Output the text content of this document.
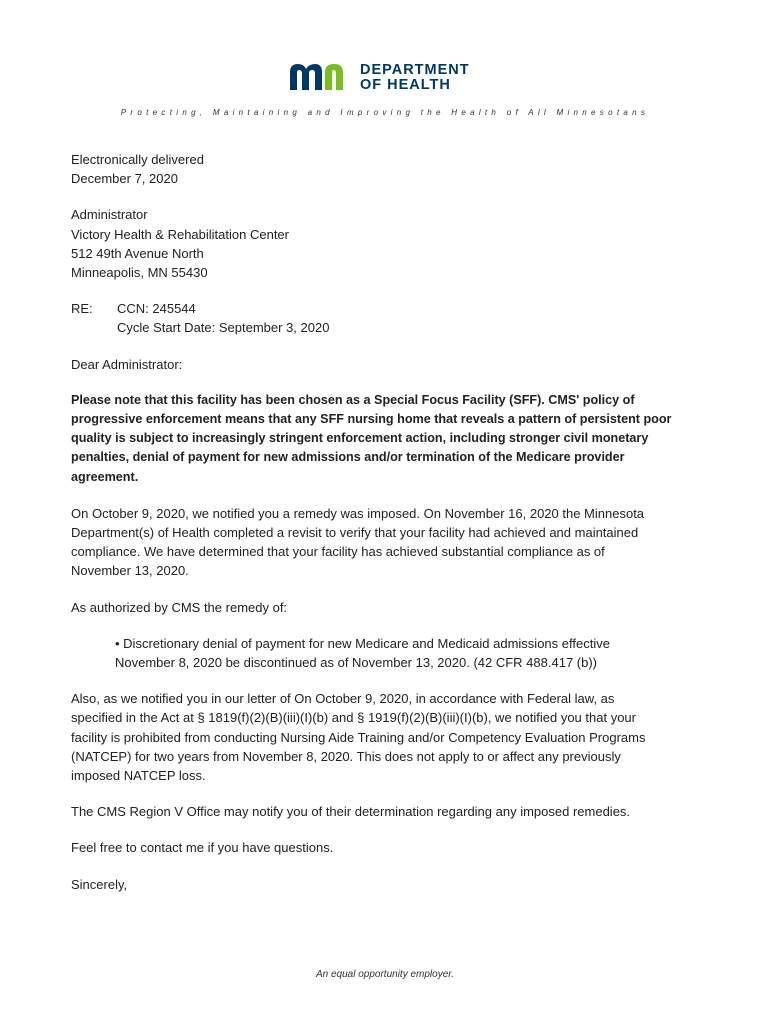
DEPARTMENT
OF HEALTH
Protecting, Maintaining and Improving the Health of All Minnesotans
Electronically delivered
December 7, 2020
Administrator
Victory Health & Rehabilitation Center
512 49th Avenue North
Minneapolis, MN 55430
RE:	CCN: 245544
Cycle Start Date: September 3, 2020
Dear Administrator:
Please note that this facility has been chosen as a Special Focus Facility (SFF). CMS' policy of
progressive enforcement means that any SFF nursing home that reveals a pattern of persistent poor
quality is subject to increasingly stringent enforcement action, including stronger civil monetary
penalties, denial of payment for new admissions and/or termination of the Medicare provider
agreement.
On October 9, 2020, we notified you a remedy was imposed. On November 16, 2020 the Minnesota
Department(s) of Health completed a revisit to verify that your facility had achieved and maintained
compliance. We have determined that your facility has achieved substantial compliance as of
November 13, 2020.
As authorized by CMS the remedy of:
• Discretionary denial of payment for new Medicare and Medicaid admissions effective
November 8, 2020 be discontinued as of November 13, 2020. (42 CFR 488.417 (b))
Also, as we notified you in our letter of On October 9, 2020, in accordance with Federal law, as
specified in the Act at § 1819(f)(2)(B)(iii)(I)(b) and § 1919(f)(2)(B)(iii)(I)(b), we notified you that your
facility is prohibited from conducting Nursing Aide Training and/or Competency Evaluation Programs
(NATCEP) for two years from November 8, 2020. This does not apply to or affect any previously
imposed NATCEP loss.
The CMS Region V Office may notify you of their determination regarding any imposed remedies.
Feel free to contact me if you have questions.
Sincerely,
An equal opportunity employer.
